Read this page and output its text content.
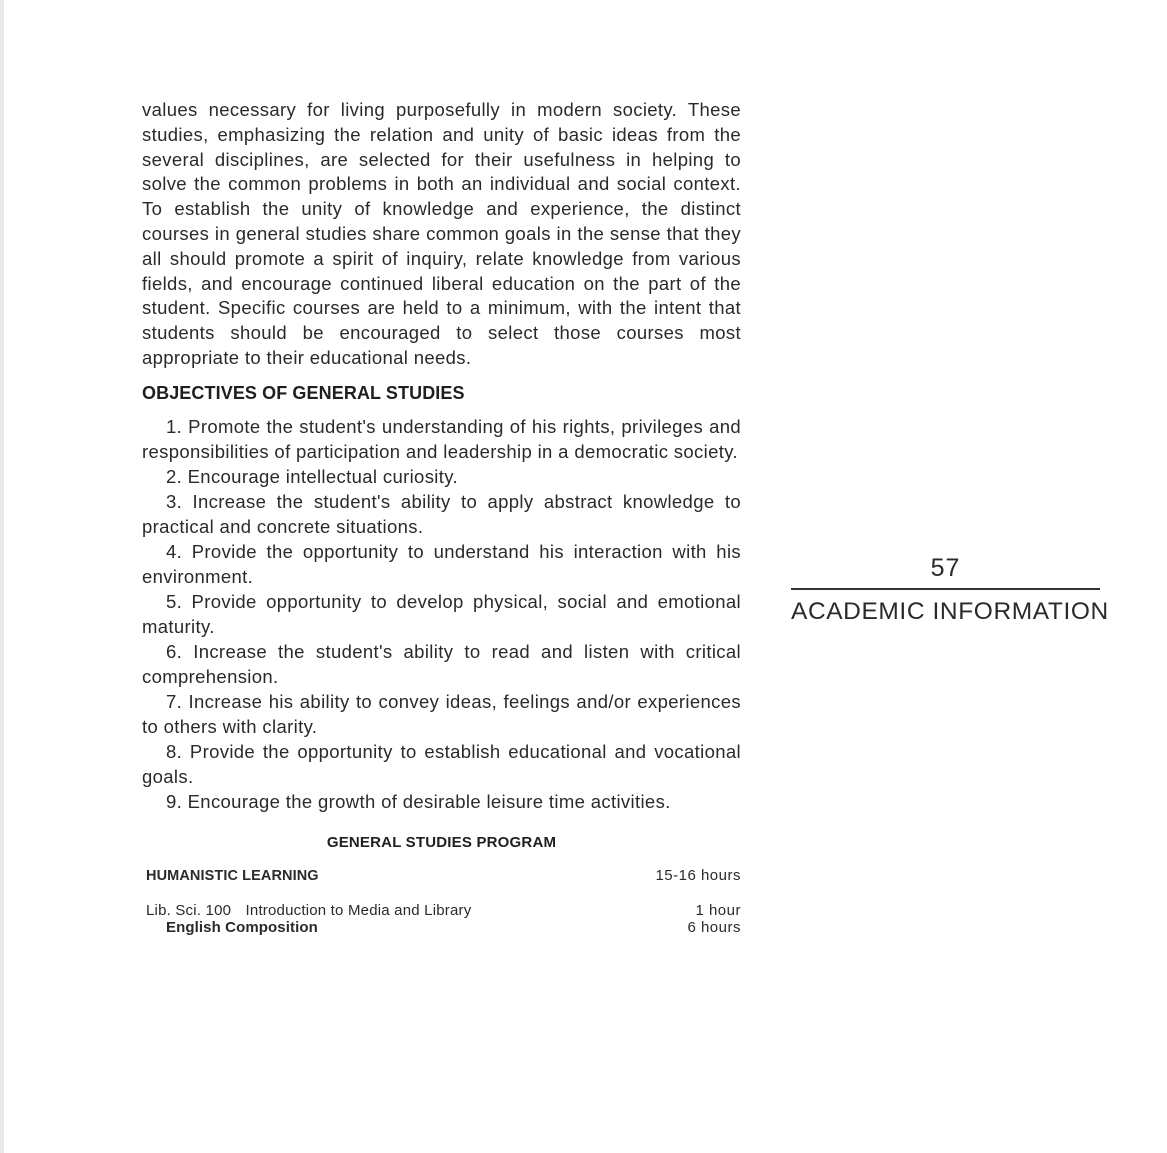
values necessary for living purposefully in modern society. These studies, emphasizing the relation and unity of basic ideas from the several disciplines, are selected for their usefulness in helping to solve the common problems in both an individual and social context. To establish the unity of knowledge and experience, the distinct courses in general studies share common goals in the sense that they all should promote a spirit of inquiry, relate knowledge from various fields, and encourage continued liberal education on the part of the student. Specific courses are held to a minimum, with the intent that students should be encouraged to select those courses most appropriate to their educational needs.

OBJECTIVES OF GENERAL STUDIES
1. Promote the student's understanding of his rights, privileges and responsibilities of participation and leadership in a democratic society.
2. Encourage intellectual curiosity.
3. Increase the student's ability to apply abstract knowledge to practical and concrete situations.
4. Provide the opportunity to understand his interaction with his environment.
5. Provide opportunity to develop physical, social and emotional maturity.
6. Increase the student's ability to read and listen with critical comprehension.
7. Increase his ability to convey ideas, feelings and/or experiences to others with clarity.
8. Provide the opportunity to establish educational and vocational goals.
9. Encourage the growth of desirable leisure time activities.
GENERAL STUDIES PROGRAM
HUMANISTIC LEARNING	15-16 hours
Lib. Sci. 100 Introduction to Media and Library	1 hour
English Composition	6 hours
57
ACADEMIC INFORMATION
